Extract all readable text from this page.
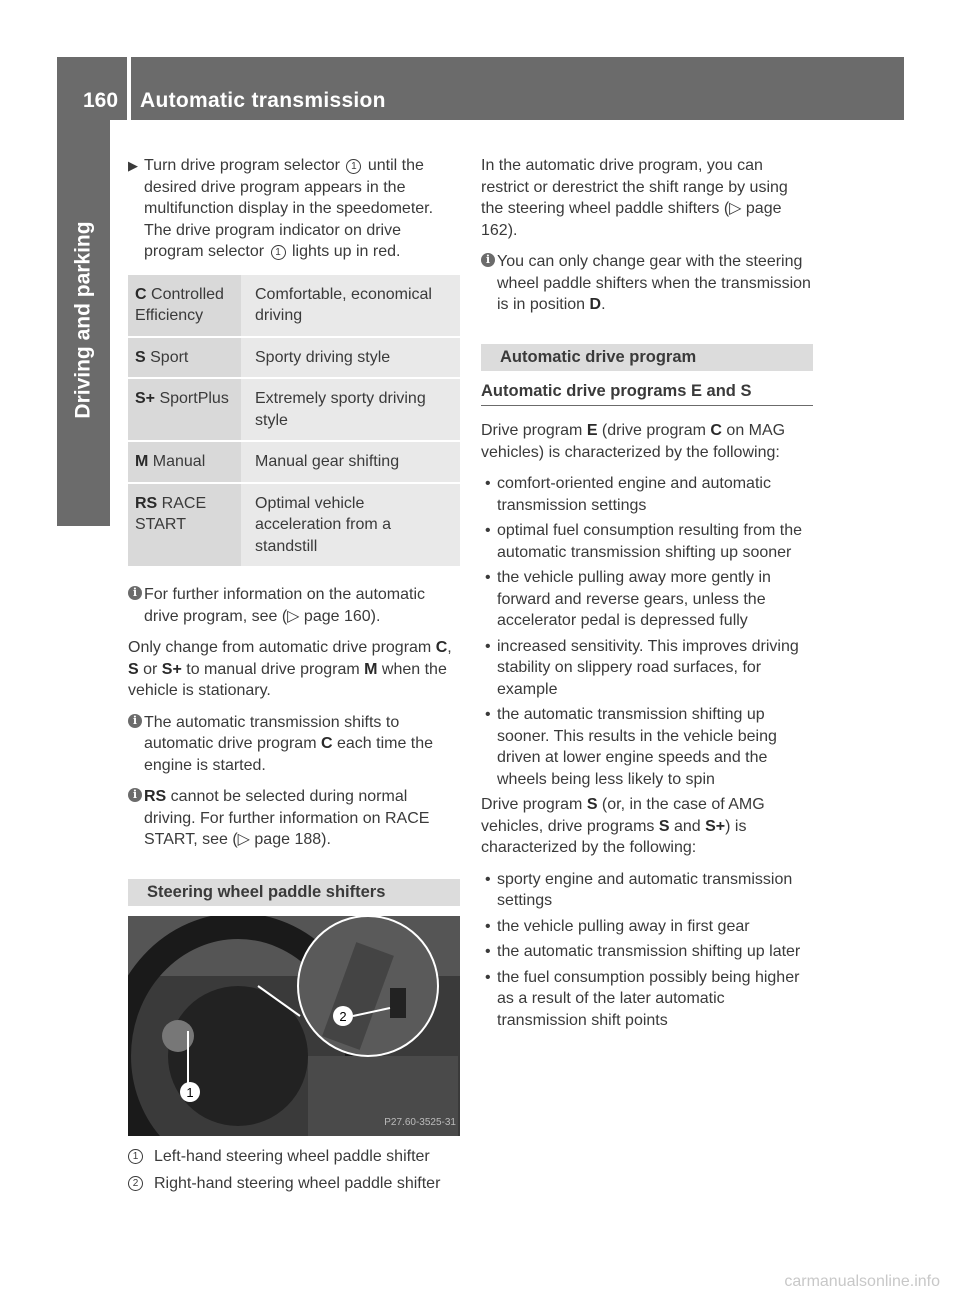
160 Automatic transmission
Driving and parking

▶ Turn drive program selector 1 until the desired drive program appears in the multifunction display in the speedometer. The drive program indicator on drive program selector 1 lights up in red.

C Controlled Efficiency	Comfortable, economical driving
S Sport	Sporty driving style
S+ SportPlus	Extremely sporty driving style
M Manual	Manual gear shifting
RS RACE START	Optimal vehicle acceleration from a standstill
i For further information on the automatic drive program, see (▷ page 160).

Only change from automatic drive program C, S or S+ to manual drive program M when the vehicle is stationary.

i The automatic transmission shifts to automatic drive program C each time the engine is started.
i RS cannot be selected during normal driving. For further information on RACE START, see (▷ page 188).
Steering wheel paddle shifters
1
2
P27.60-3525-31
1 Left-hand steering wheel paddle shifter
2 Right-hand steering wheel paddle shifter

In the automatic drive program, you can restrict or derestrict the shift range by using the steering wheel paddle shifters (▷ page 162).

i You can only change gear with the steering wheel paddle shifters when the transmission is in position D.
Automatic drive program
Automatic drive programs E and S

Drive program E (drive program C on MAG vehicles) is characterized by the following:

• comfort-oriented engine and automatic transmission settings
• optimal fuel consumption resulting from the automatic transmission shifting up sooner
• the vehicle pulling away more gently in forward and reverse gears, unless the accelerator pedal is depressed fully
• increased sensitivity. This improves driving stability on slippery road surfaces, for example
• the automatic transmission shifting up sooner. This results in the vehicle being driven at lower engine speeds and the wheels being less likely to spin

Drive program S (or, in the case of AMG vehicles, drive programs S and S+) is characterized by the following:

• sporty engine and automatic transmission settings
• the vehicle pulling away in first gear
• the automatic transmission shifting up later
• the fuel consumption possibly being higher as a result of the later automatic transmission shift points
carmanualsonline.info
